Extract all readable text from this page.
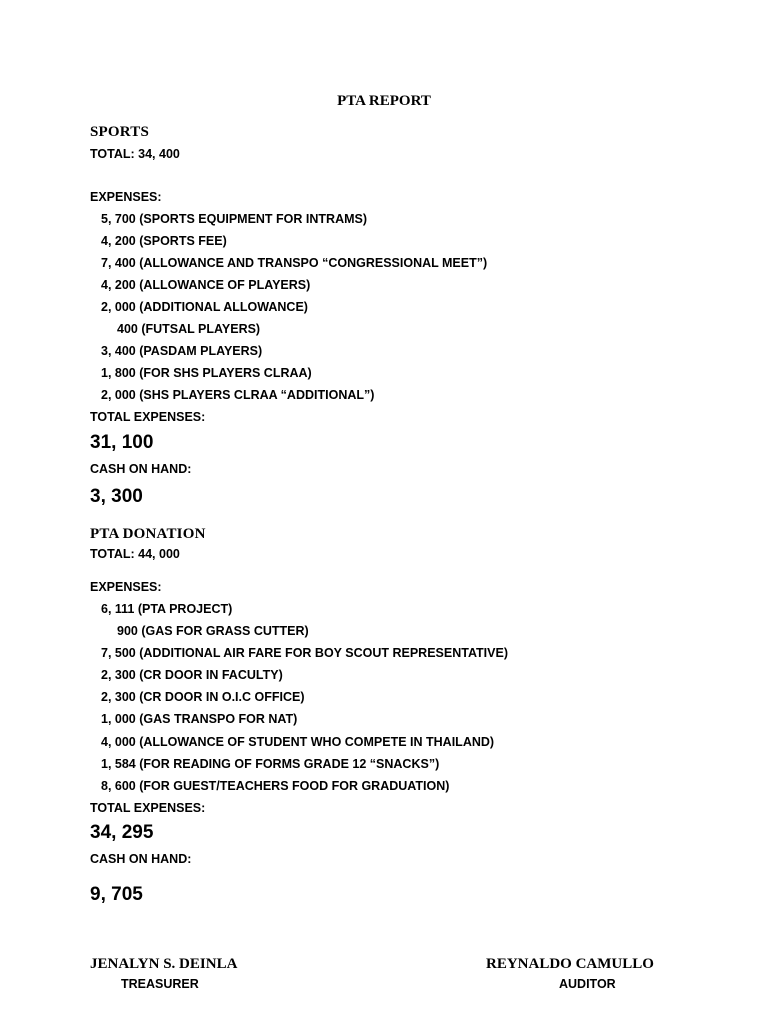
PTA REPORT
SPORTS
TOTAL: 34, 400
EXPENSES:
5, 700 (SPORTS EQUIPMENT FOR INTRAMS)
4, 200 (SPORTS FEE)
7, 400 (ALLOWANCE AND TRANSPO “CONGRESSIONAL MEET”)
4, 200 (ALLOWANCE OF PLAYERS)
2, 000 (ADDITIONAL ALLOWANCE)
400 (FUTSAL PLAYERS)
3, 400 (PASDAM PLAYERS)
1, 800 (FOR SHS PLAYERS CLRAA)
2, 000 (SHS PLAYERS CLRAA “ADDITIONAL”)
TOTAL EXPENSES:
31, 100
CASH ON HAND:
3, 300
PTA DONATION
TOTAL: 44, 000
EXPENSES:
6, 111 (PTA PROJECT)
900 (GAS FOR GRASS CUTTER)
7, 500 (ADDITIONAL AIR FARE FOR BOY SCOUT REPRESENTATIVE)
2, 300 (CR DOOR IN FACULTY)
2, 300 (CR DOOR IN O.I.C OFFICE)
1, 000 (GAS TRANSPO FOR NAT)
4, 000 (ALLOWANCE OF STUDENT WHO COMPETE IN THAILAND)
1, 584 (FOR READING OF FORMS GRADE 12 “SNACKS”)
8, 600 (FOR GUEST/TEACHERS FOOD FOR GRADUATION)
TOTAL EXPENSES:
34, 295
CASH ON HAND:
9, 705
JENALYN S. DEINLA
TREASURER
REYNALDO CAMULLO
AUDITOR
